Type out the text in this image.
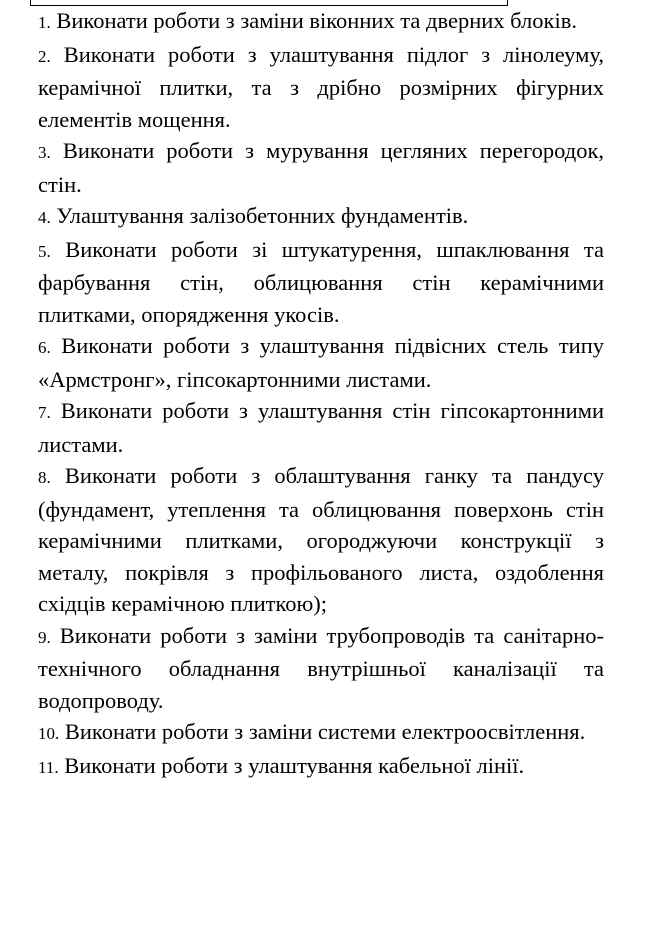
1. Виконати роботи з заміни віконних та дверних блоків.
2. Виконати роботи з улаштування підлог з лінолеуму, керамічної плитки, та з дрібно розмірних фігурних елементів мощення.
3. Виконати роботи з мурування цегляних перегородок, стін.
4. Улаштування залізобетонних фундаментів.
5. Виконати роботи зі штукатурення, шпаклювання та фарбування стін, облицювання стін керамічними плитками, опорядження укосів.
6. Виконати роботи з улаштування підвісних стель типу «Армстронг», гіпсокартонними листами.
7. Виконати роботи з улаштування стін гіпсокартонними листами.
8. Виконати роботи з облаштування ганку та пандусу (фундамент, утеплення та облицювання поверхонь стін керамічними плитками, огороджуючи конструкції з металу, покрівля з профільованого листа, оздоблення східців керамічною плиткою);
9. Виконати роботи з заміни трубопроводів та санітарно-технічного обладнання внутрішньої каналізації та водопроводу.
10. Виконати роботи з заміни системи електроосвітлення.
11. Виконати роботи з улаштування кабельної лінії.
